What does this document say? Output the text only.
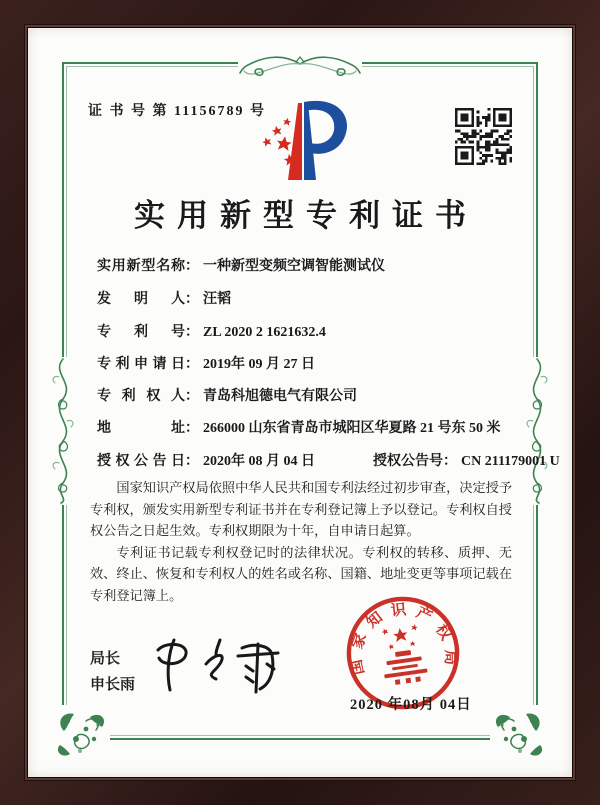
证 书 号 第 11156789 号
实用新型专利证书
实用新型名称： 一种新型变频空调智能测试仪
发明人： 汪韬
专利号： ZL 2020 2 1621632.4
专利申请日： 2019年 09 月 27 日
专利权人： 青岛科旭德电气有限公司
地址： 266000 山东省青岛市城阳区华夏路 21 号东 50 米
授权公告日： 2020年 08 月 04 日	授权公告号： CN 211179001 U

国家知识产权局依照中华人民共和国专利法经过初步审查，决定授予专利权，颁发实用新型专利证书并在专利登记簿上予以登记。专利权自授权公告之日起生效。专利权期限为十年，自申请日起算。

专利证书记载专利权登记时的法律状况。专利权的转移、质押、无效、终止、恢复和专利权人的姓名或名称、国籍、地址变更等事项记载在专利登记簿上。

局长
申长雨
国家知识产权局
2020 年08月 04日
